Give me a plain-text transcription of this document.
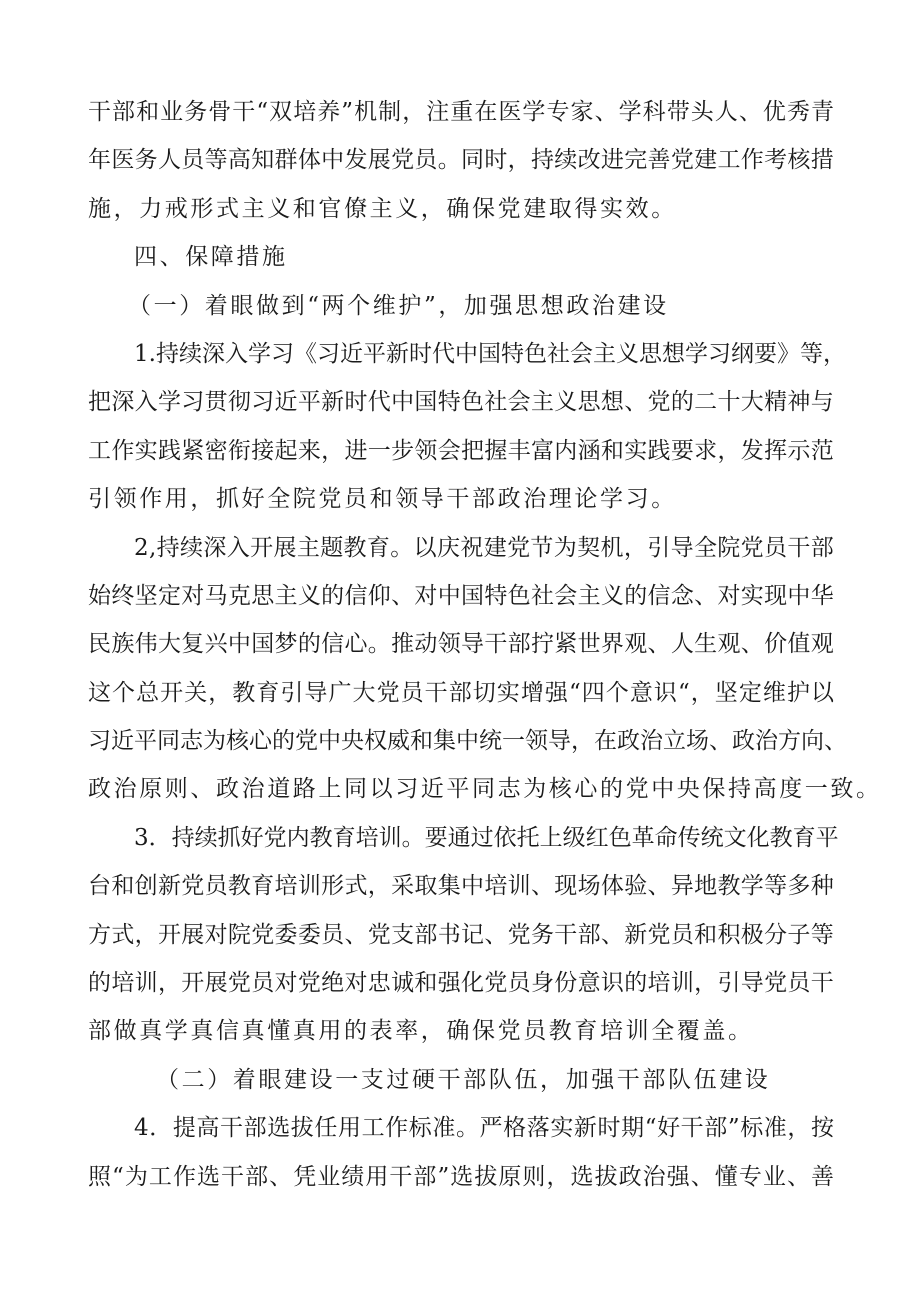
干 部 和 业 务 骨 干 “ 双 培 养 ” 机 制 ， 注 重 在 医 学 专 家 、 学 科 带 头 人 、 优 秀 青
年 医 务 人 员 等 高 知 群 体 中 发 展 党 员 。 同 时 ， 持 续 改 进 完 善 党 建 工 作 考 核 措
施，力戒形式主义和官僚主义，确保党建取得实效。
四、保障措施
（一）着眼做到“两个维护”，加强思想政治建设
1 . 持 续 深 入 学 习 《 习 近 平 新 时 代 中 国 特 色 社 会 主 义 思 想 学 习 纲 要 》 等 ，
把 深 入 学 习 贯 彻 习 近 平 新 时 代 中 国 特 色 社 会 主 义 思 想 、 党 的 二 十 大 精 神 与
工 作 实 践 紧 密 衔 接 起 来 ， 进 一 步 领 会 把 握 丰 富 内 涵 和 实 践 要 求 ， 发 挥 示 范
引领作用，抓好全院党员和领导干部政治理论学习。
2 , 持 续 深 入 开 展 主 题 教 育 。 以 庆 祝 建 党 节 为 契 机 ， 引 导 全 院 党 员 干 部
始 终 坚 定 对 马 克 思 主 义 的 信 仰 、 对 中 国 特 色 社 会 主 义 的 信 念 、 对 实 现 中 华
民 族 伟 大 复 兴 中 国 梦 的 信 心 。 推 动 领 导 干 部 拧 紧 世 界 观 、 人 生 观 、 价 值 观
这 个 总 开 关 ， 教 育 引 导 广 大 党 员 干 部 切 实 增 强 “ 四 个 意 识 “ ， 坚 定 维 护 以
习 近 平 同 志 为 核 心 的 党 中 央 权 威 和 集 中 统 一 领 导 ， 在 政 治 立 场 、 政 治 方 向 、
政治原则、政治道路上同以习近平同志为核心的党中央保持高度一致。
3 ． 持 续 抓 好 党 内 教 育 培 训 。 要 通 过 依 托 上 级 红 色 革 命 传 统 文 化 教 育 平
台 和 创 新 党 员 教 育 培 训 形 式 ， 采 取 集 中 培 训 、 现 场 体 验 、 异 地 教 学 等 多 种
方 式 ， 开 展 对 院 党 委 委 员 、 党 支 部 书 记 、 党 务 干 部 、 新 党 员 和 积 极 分 子 等
的 培 训 ， 开 展 党 员 对 党 绝 对 忠 诚 和 强 化 党 员 身 份 意 识 的 培 训 ， 引 导 党 员 干
部做真学真信真懂真用的表率，确保党员教育培训全覆盖。
（二）着眼建设一支过硬干部队伍，加强干部队伍建设
4 ． 提 高 干 部 选 拔 任 用 工 作 标 准 。 严 格 落 实 新 时 期 “ 好 干 部 ” 标 准 ， 按
照 “ 为 工 作 选 干 部 、 凭 业 绩 用 干 部 ” 选 拔 原 则 ， 选 拔 政 治 强 、 懂 专 业 、 善
